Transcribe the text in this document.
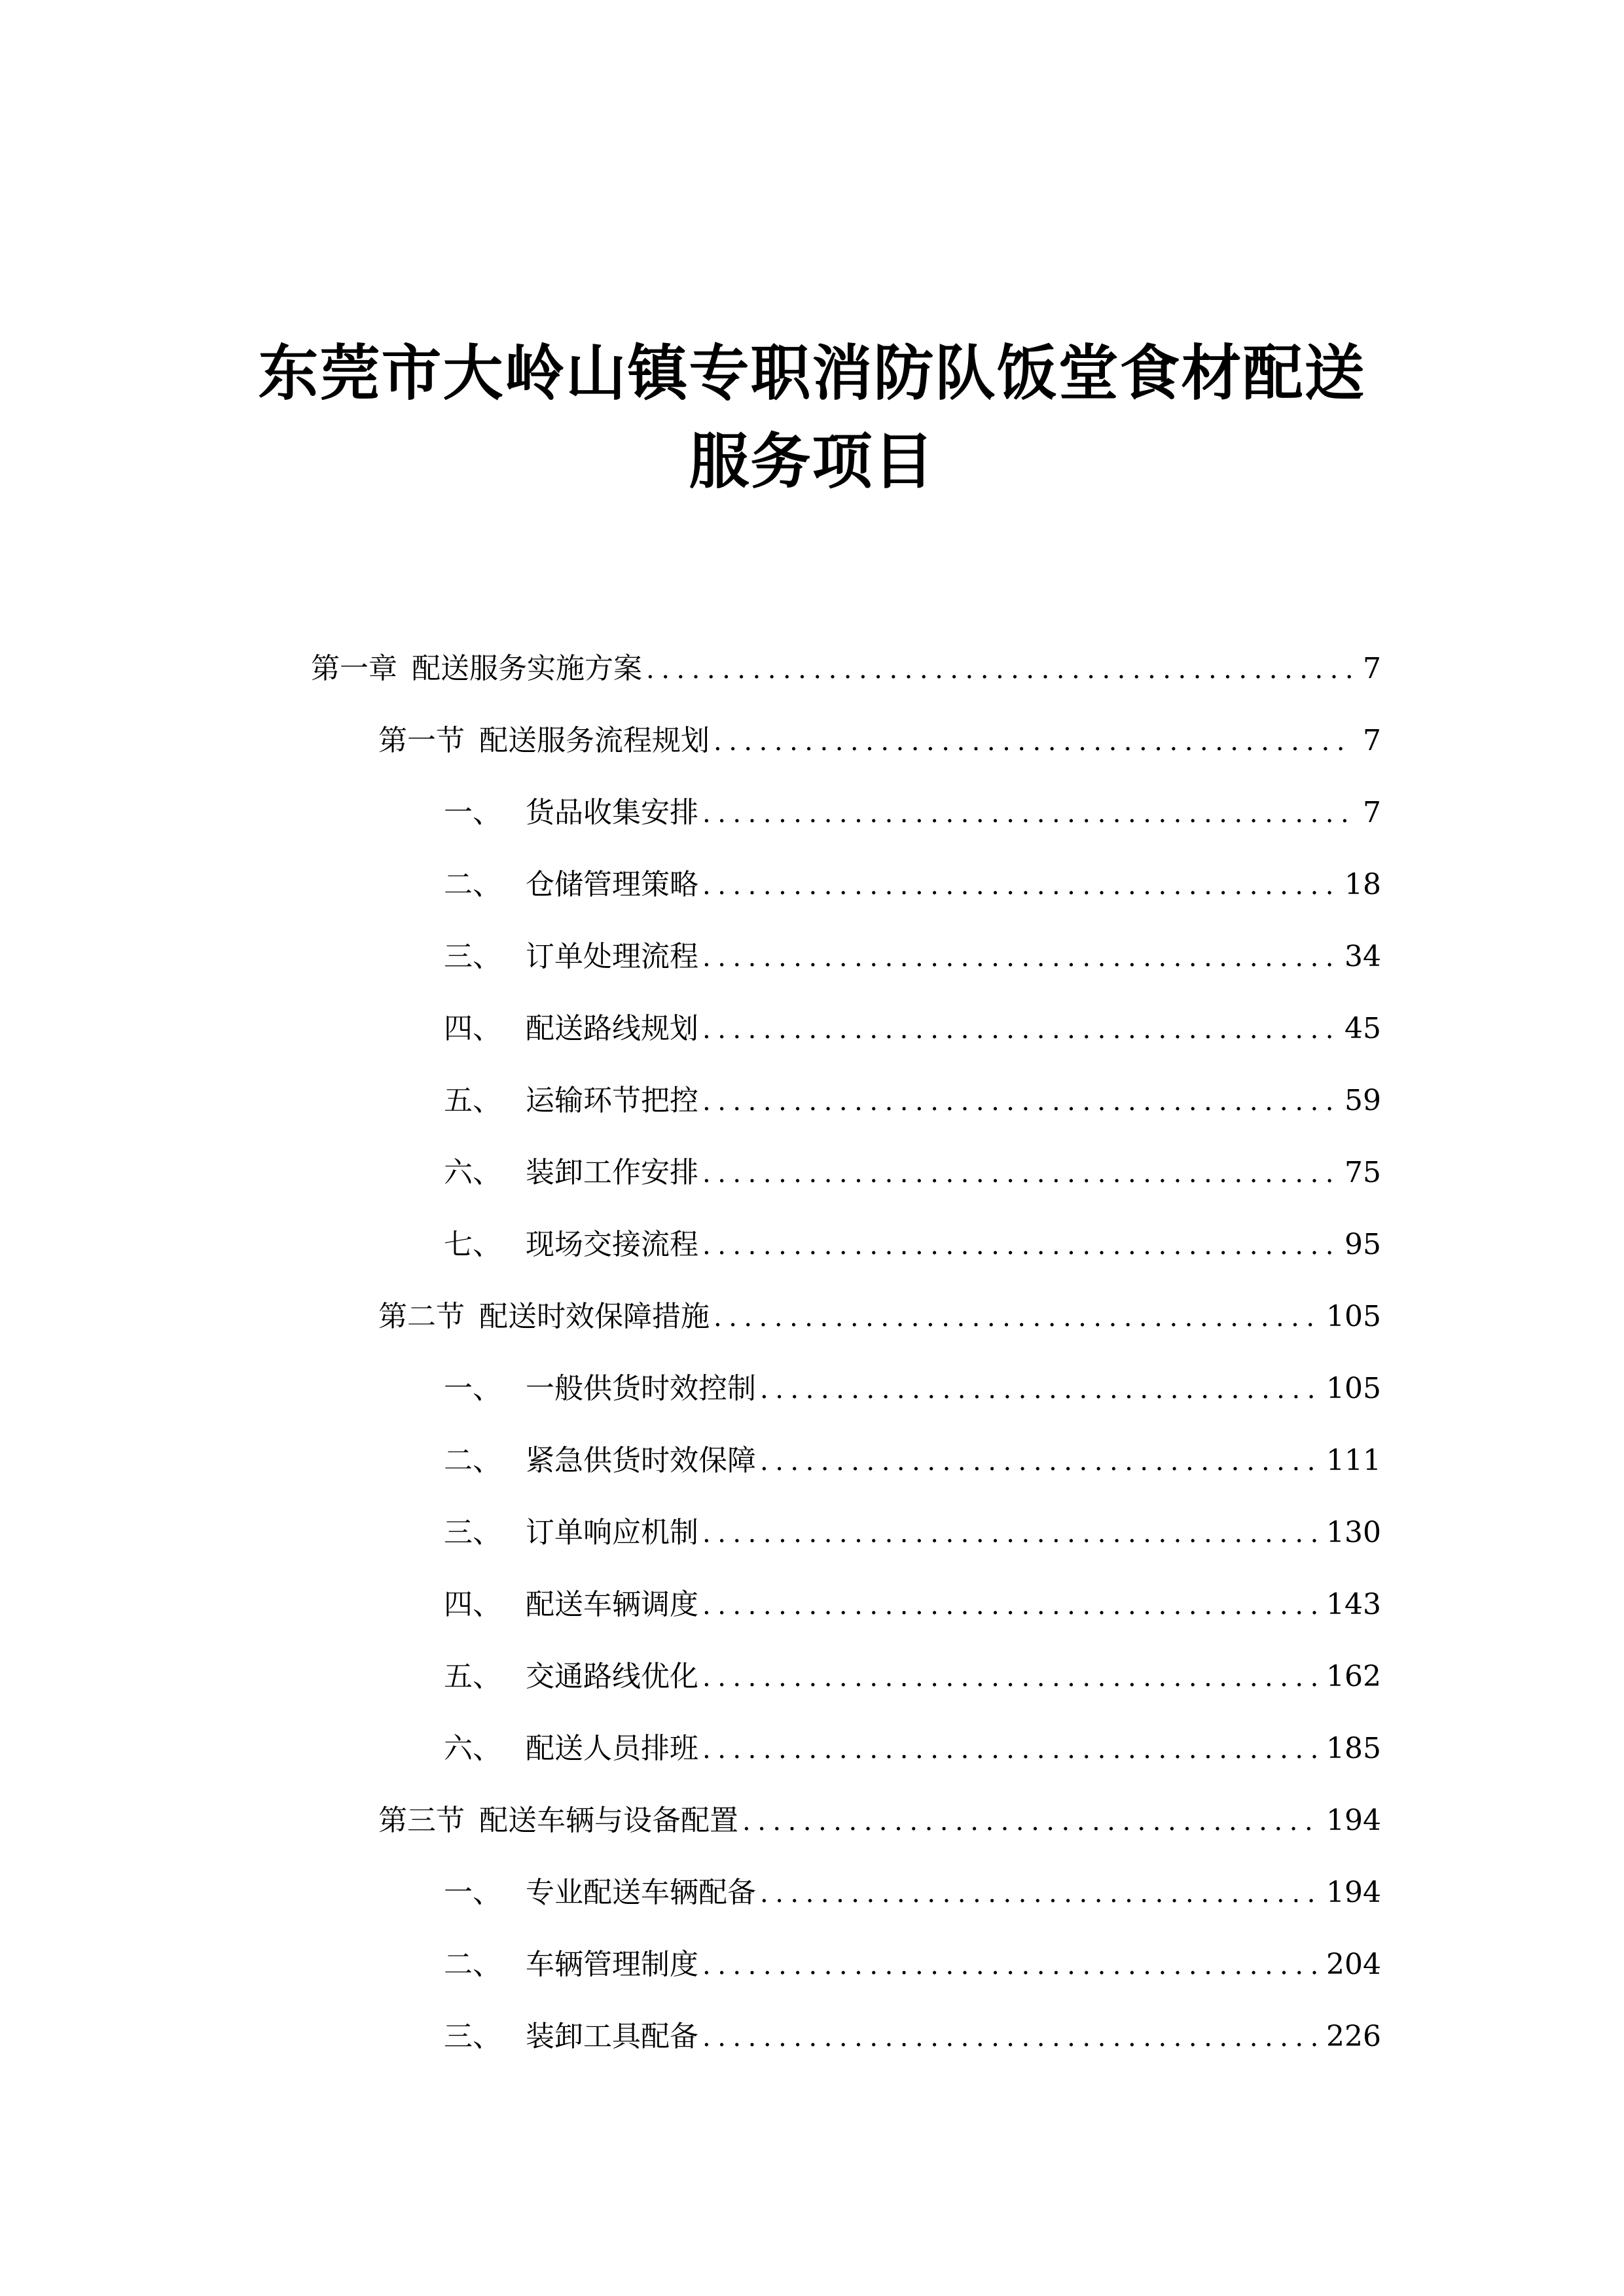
东莞市大岭山镇专职消防队饭堂食材配送
服务项目
第一章 配送服务实施方案 .....	7
第一节 配送服务流程规划 .....	7
一、 货品收集安排 .....	7
二、 仓储管理策略 .....	18
三、 订单处理流程 .....	34
四、 配送路线规划 .....	45
五、 运输环节把控 .....	59
六、 装卸工作安排 .....	75
七、 现场交接流程 .....	95
第二节 配送时效保障措施 .....	105
一、 一般供货时效控制 .....	105
二、 紧急供货时效保障 .....	111
三、 订单响应机制 .....	130
四、 配送车辆调度 .....	143
五、 交通路线优化 .....	162
六、 配送人员排班 .....	185
第三节 配送车辆与设备配置 .....	194
一、 专业配送车辆配备 .....	194
二、 车辆管理制度 .....	204
三、 装卸工具配备 .....	226
